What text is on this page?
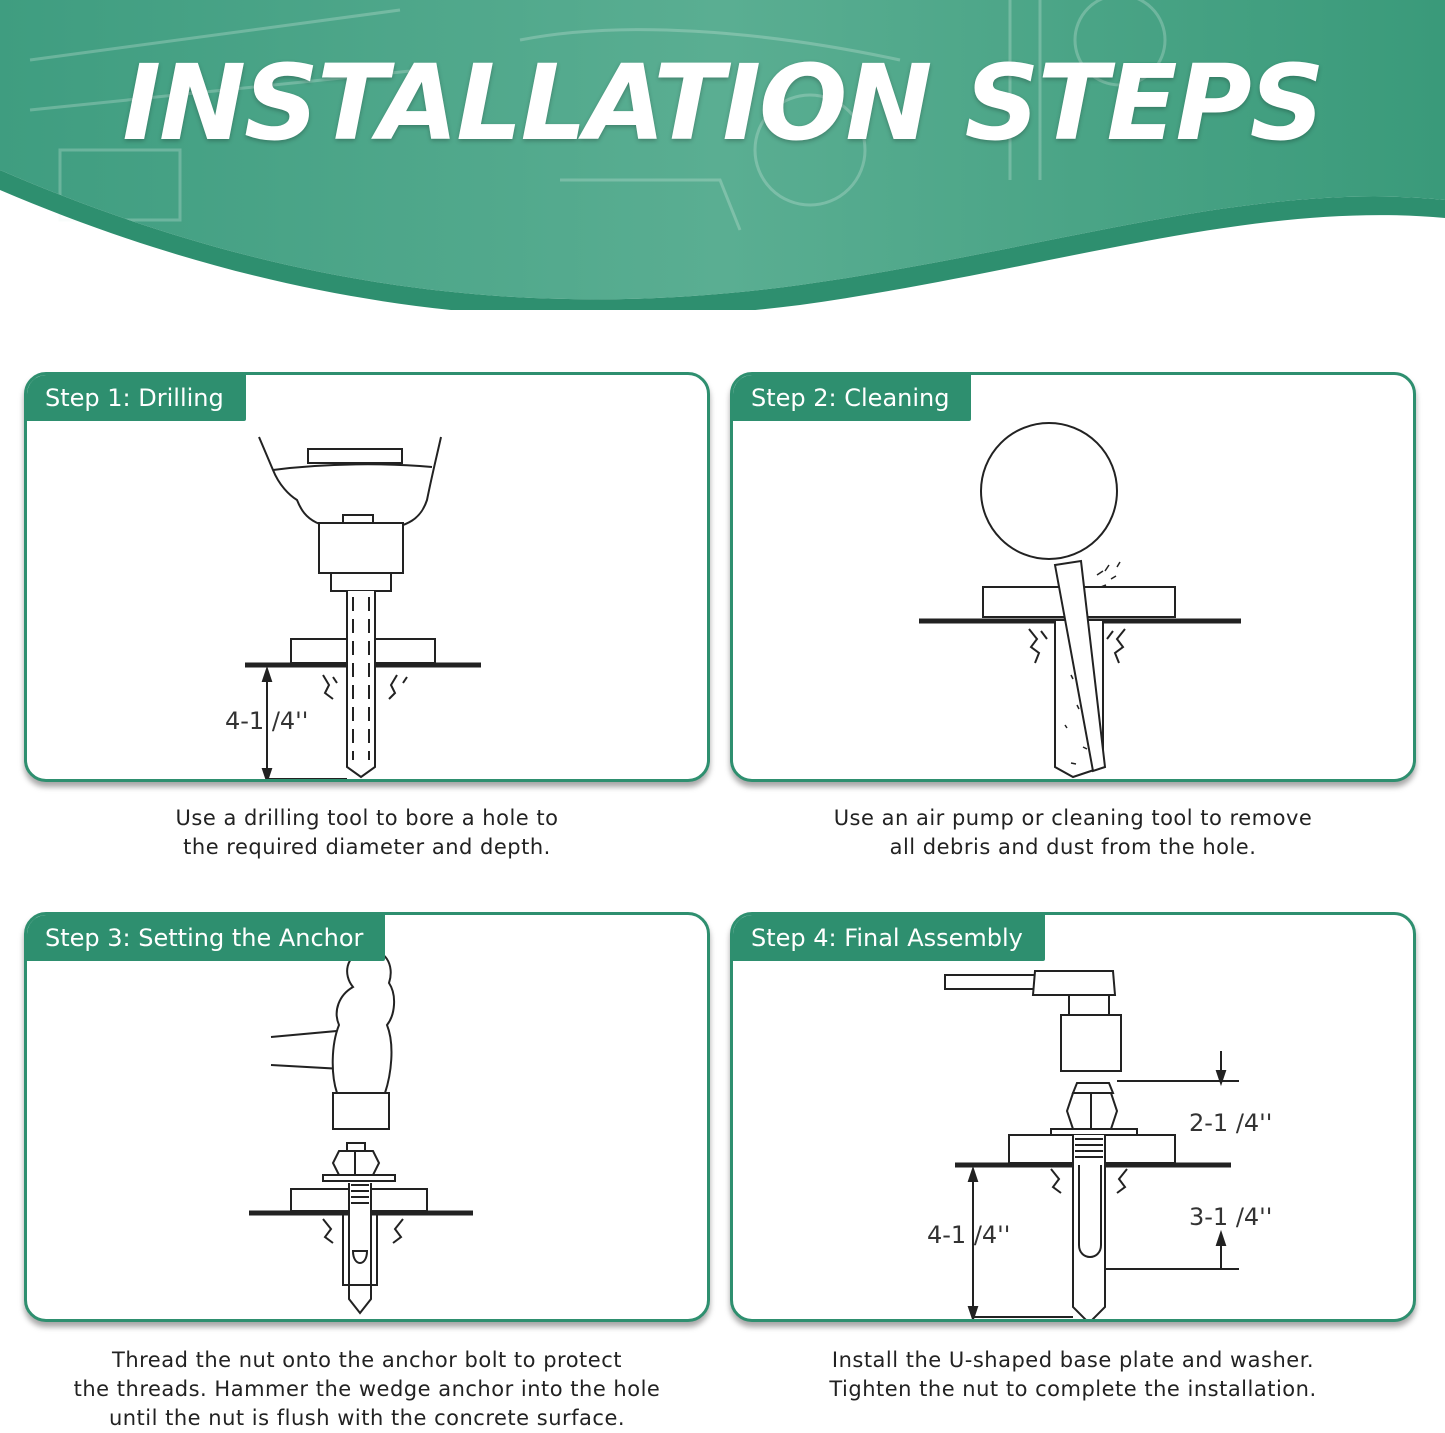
INSTALLATION STEPS
4-1 /4''
Step 1: Drilling
Use a drilling tool to bore a hole to
the required diameter and depth.
Step 2: Cleaning
Use an air pump or cleaning tool to remove
all debris and dust from the hole.
Step 3: Setting the Anchor
Thread the nut onto the anchor bolt to protect
the threads. Hammer the wedge anchor into the hole
until the nut is flush with the concrete surface.
2-1 /4''
3-1 /4''
4-1 /4''
Step 4: Final Assembly
Install the U-shaped base plate and washer.
Tighten the nut to complete the installation.
